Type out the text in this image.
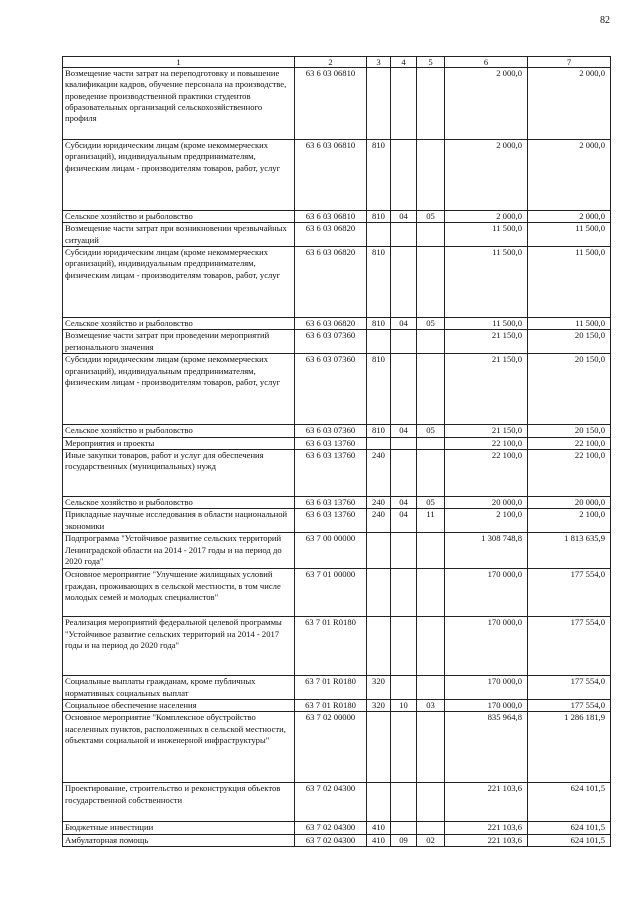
82
1	2	3	4	5	6	7
Возмещение части затрат на переподготовку и повышение квалификации кадров, обучение персонала на производстве, проведение производственной практики студентов образовательных организаций сельскохозяйственного профиля	63 6 03 06810				2 000,0	2 000,0
Субсидии юридическим лицам (кроме некоммерческих организаций), индивидуальным предпринимателям, физическим лицам - производителям товаров, работ, услуг	63 6 03 06810	810			2 000,0	2 000,0
Сельское хозяйство и рыболовство	63 6 03 06810	810	04	05	2 000,0	2 000,0
Возмещение части затрат при возникновении чрезвычайных ситуаций	63 6 03 06820				11 500,0	11 500,0
Субсидии юридическим лицам (кроме некоммерческих организаций), индивидуальным предпринимателям, физическим лицам - производителям товаров, работ, услуг	63 6 03 06820	810			11 500,0	11 500,0
Сельское хозяйство и рыболовство	63 6 03 06820	810	04	05	11 500,0	11 500,0
Возмещение части затрат при проведении мероприятий регионального значения	63 6 03 07360				21 150,0	20 150,0
Субсидии юридическим лицам (кроме некоммерческих организаций), индивидуальным предпринимателям, физическим лицам - производителям товаров, работ, услуг	63 6 03 07360	810			21 150,0	20 150,0
Сельское хозяйство и рыболовство	63 6 03 07360	810	04	05	21 150,0	20 150,0
Мероприятия и проекты	63 6 03 13760				22 100,0	22 100,0
Иные закупки товаров, работ и услуг для обеспечения государственных (муниципальных) нужд	63 6 03 13760	240			22 100,0	22 100,0
Сельское хозяйство и рыболовство	63 6 03 13760	240	04	05	20 000,0	20 000,0
Прикладные научные исследования в области национальной экономики	63 6 03 13760	240	04	11	2 100,0	2 100,0
Подпрограмма "Устойчивое развитие сельских территорий Ленинградской области на 2014 - 2017 годы и на период до 2020 года"	63 7 00 00000				1 308 748,8	1 813 635,9
Основное мероприятие "Улучшение жилищных условий граждан, проживающих в сельской местности, в том числе молодых семей и молодых специалистов"	63 7 01 00000				170 000,0	177 554,0
Реализация мероприятий федеральной целевой программы "Устойчивое развитие сельских территорий на 2014 - 2017 годы и на период до 2020 года"	63 7 01 R0180				170 000,0	177 554,0
Социальные выплаты гражданам, кроме публичных нормативных социальных выплат	63 7 01 R0180	320			170 000,0	177 554,0
Социальное обеспечение населения	63 7 01 R0180	320	10	03	170 000,0	177 554,0
Основное мероприятие "Комплексное обустройство населенных пунктов, расположенных в сельской местности, объектами социальной и инженерной инфраструктуры"	63 7 02 00000				835 964,8	1 286 181,9
Проектирование, строительство и реконструкция объектов государственной собственности	63 7 02 04300				221 103,6	624 101,5
Бюджетные инвестиции	63 7 02 04300	410			221 103,6	624 101,5
Амбулаторная помощь	63 7 02 04300	410	09	02	221 103,6	624 101,5
